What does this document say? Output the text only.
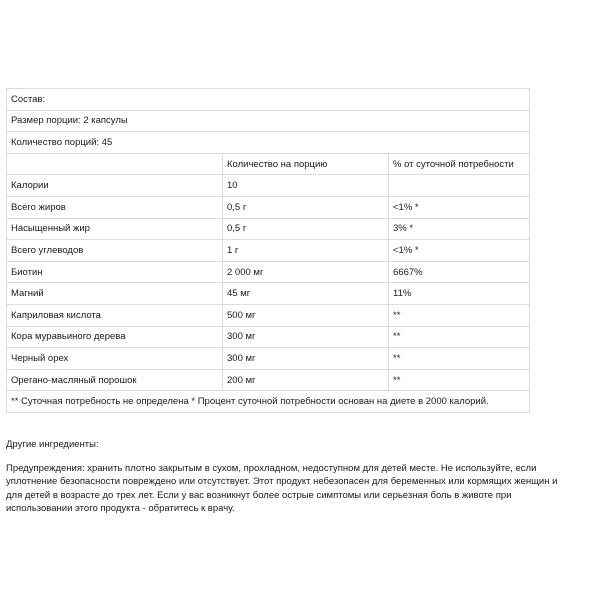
Состав:		
Размер порции: 2 капсулы		
Количество порций: 45		
	Количество на порцию	% от суточной потребности
Калории	10	
Всего жиров	0,5 г	<1% *
Насыщенный жир	0,5 г	3% *
Всего углеводов	1 г	<1% *
Биотин	2 000 мг	6667%
Магний	45 мг	11%
Каприловая кислота	500 мг	**
Кора муравьиного дерева	300 мг	**
Черный орех	300 мг	**
Орегано-масляный порошок	200 мг	**
** Суточная потребность не определена * Процент суточной потребности основан на диете в 2000 калорий.		

Другие ингредиенты:

Предупреждения: хранить плотно закрытым в сухом, прохладном, недоступном для детей месте. Не используйте, если уплотнение безопасности повреждено или отсутствует. Этот продукт небезопасен для беременных или кормящих женщин и для детей в возрасте до трех лет. Если у вас возникнут более острые симптомы или серьезная боль в животе при использовании этого продукта - обратитесь к врачу.
